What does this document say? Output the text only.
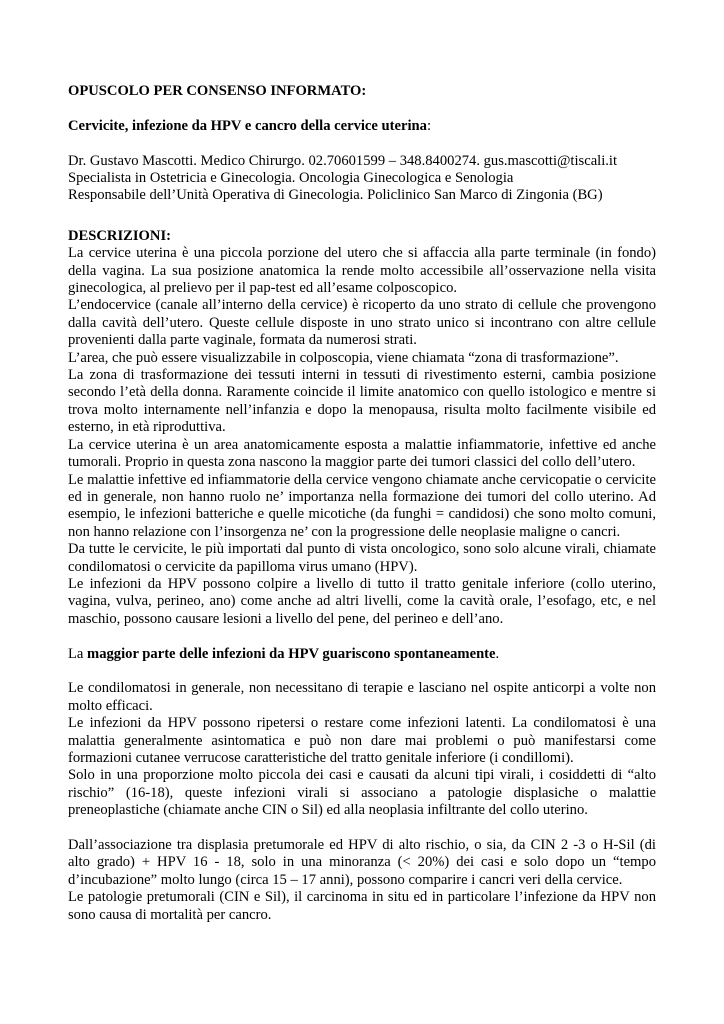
OPUSCOLO PER CONSENSO INFORMATO:

Cervicite, infezione da HPV e cancro della cervice uterina:

Dr. Gustavo Mascotti. Medico Chirurgo. 02.70601599 – 348.8400274. gus.mascotti@tiscali.it

Specialista in Ostetricia e Ginecologia. Oncologia Ginecologica e Senologia

Responsabile dell’Unità Operativa di Ginecologia. Policlinico San Marco di Zingonia (BG)

DESCRIZIONI:

La cervice uterina è una piccola porzione del utero che si affaccia alla parte terminale (in fondo) della vagina. La sua posizione anatomica la rende molto accessibile all’osservazione nella visita ginecologica, al prelievo per il pap-test ed all’esame colposcopico.

L’endocervice (canale all’interno della cervice) è ricoperto da uno strato di cellule che provengono dalla cavità dell’utero. Queste cellule disposte in uno strato unico si incontrano con altre cellule provenienti dalla parte vaginale, formata da numerosi strati.

L’area, che può essere visualizzabile in colposcopia, viene chiamata “zona di trasformazione”.

La zona di trasformazione dei tessuti interni in tessuti di rivestimento esterni, cambia posizione secondo l’età della donna. Raramente coincide il limite anatomico con quello istologico e mentre si trova molto internamente nell’infanzia e dopo la menopausa, risulta molto facilmente visibile ed esterno, in età riproduttiva.

La cervice uterina è un area anatomicamente esposta a malattie infiammatorie, infettive ed anche tumorali. Proprio in questa zona nascono la maggior parte dei tumori classici del collo dell’utero.

Le malattie infettive ed infiammatorie della cervice vengono chiamate anche cervicopatie o cervicite ed in generale, non hanno ruolo ne’ importanza nella formazione dei tumori del collo uterino. Ad esempio, le infezioni batteriche e quelle micotiche (da funghi = candidosi) che sono molto comuni, non hanno relazione con l’insorgenza ne’ con la progressione delle neoplasie maligne o cancri.

Da tutte le cervicite, le più importati dal punto di vista oncologico, sono solo alcune virali, chiamate condilomatosi o cervicite da papilloma virus umano (HPV).

Le infezioni da HPV possono colpire a livello di tutto il tratto genitale inferiore (collo uterino, vagina, vulva, perineo, ano) come anche ad altri livelli, come la cavità orale, l’esofago, etc, e nel maschio, possono causare lesioni a livello del pene, del perineo e dell’ano.

La maggior parte delle infezioni da HPV guariscono spontaneamente.

Le condilomatosi in generale, non necessitano di terapie e lasciano nel ospite anticorpi a volte non molto efficaci.

Le infezioni da HPV possono ripetersi o restare come infezioni latenti. La condilomatosi è una malattia generalmente asintomatica e può non dare mai problemi o può manifestarsi come formazioni cutanee verrucose caratteristiche del tratto genitale inferiore (i condillomi).

Solo in una proporzione molto piccola dei casi e causati da alcuni tipi virali, i cosiddetti di “alto rischio” (16-18), queste infezioni virali si associano a patologie displasiche o malattie preneoplastiche (chiamate anche CIN o Sil) ed alla neoplasia infiltrante del collo uterino.

Dall’associazione tra displasia pretumorale ed HPV di alto rischio, o sia, da CIN 2 -3 o H-Sil (di alto grado) + HPV 16 - 18, solo in una minoranza (< 20%) dei casi e solo dopo un “tempo d’incubazione” molto lungo (circa 15 – 17 anni), possono comparire i cancri veri della cervice.

Le patologie pretumorali (CIN e Sil), il carcinoma in situ ed in particolare l’infezione da HPV non sono causa di mortalità per cancro.
